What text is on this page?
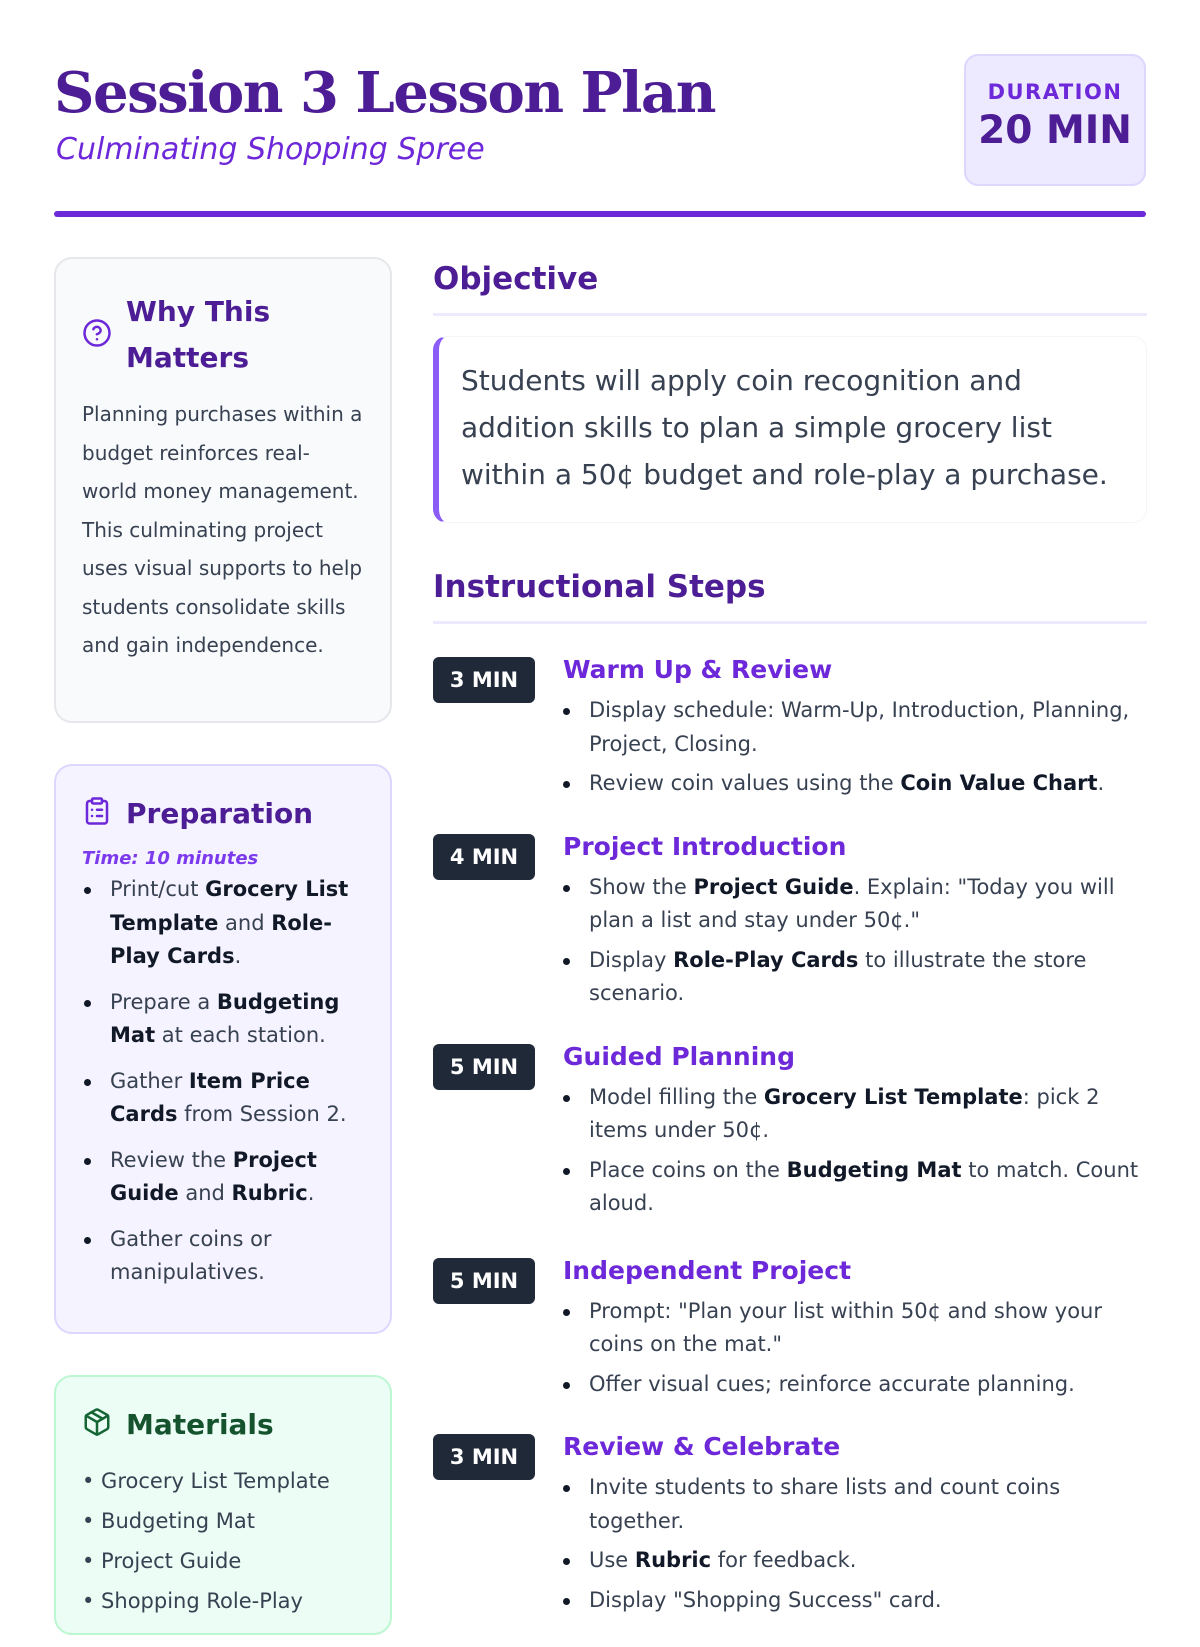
Session 3 Lesson Plan
Culminating Shopping Spree
DURATION
20 MIN
Why This Matters

Planning purchases within a budget reinforces real-world money management. This culminating project uses visual supports to help students consolidate skills and gain independence.

Preparation
Time: 10 minutes
Print/cut Grocery List Template and Role-Play Cards.
Prepare a Budgeting Mat at each station.
Gather Item Price Cards from Session 2.
Review the Project Guide and Rubric.
Gather coins or manipulatives.
Materials
• Grocery List Template
• Budgeting Mat
• Project Guide
• Shopping Role-Play
Objective
Students will apply coin recognition and addition skills to plan a simple grocery list within a 50¢ budget and role-play a purchase.
Instructional Steps
3 MIN	Warm Up & Review
Display schedule: Warm-Up, Introduction, Planning, Project, Closing.
Review coin values using the Coin Value Chart.
4 MIN	Project Introduction
Show the Project Guide. Explain: "Today you will plan a list and stay under 50¢."
Display Role-Play Cards to illustrate the store scenario.
5 MIN	Guided Planning
Model filling the Grocery List Template: pick 2 items under 50¢.
Place coins on the Budgeting Mat to match. Count aloud.
5 MIN	Independent Project
Prompt: "Plan your list within 50¢ and show your coins on the mat."
Offer visual cues; reinforce accurate planning.
3 MIN	Review & Celebrate
Invite students to share lists and count coins together.
Use Rubric for feedback.
Display "Shopping Success" card.
